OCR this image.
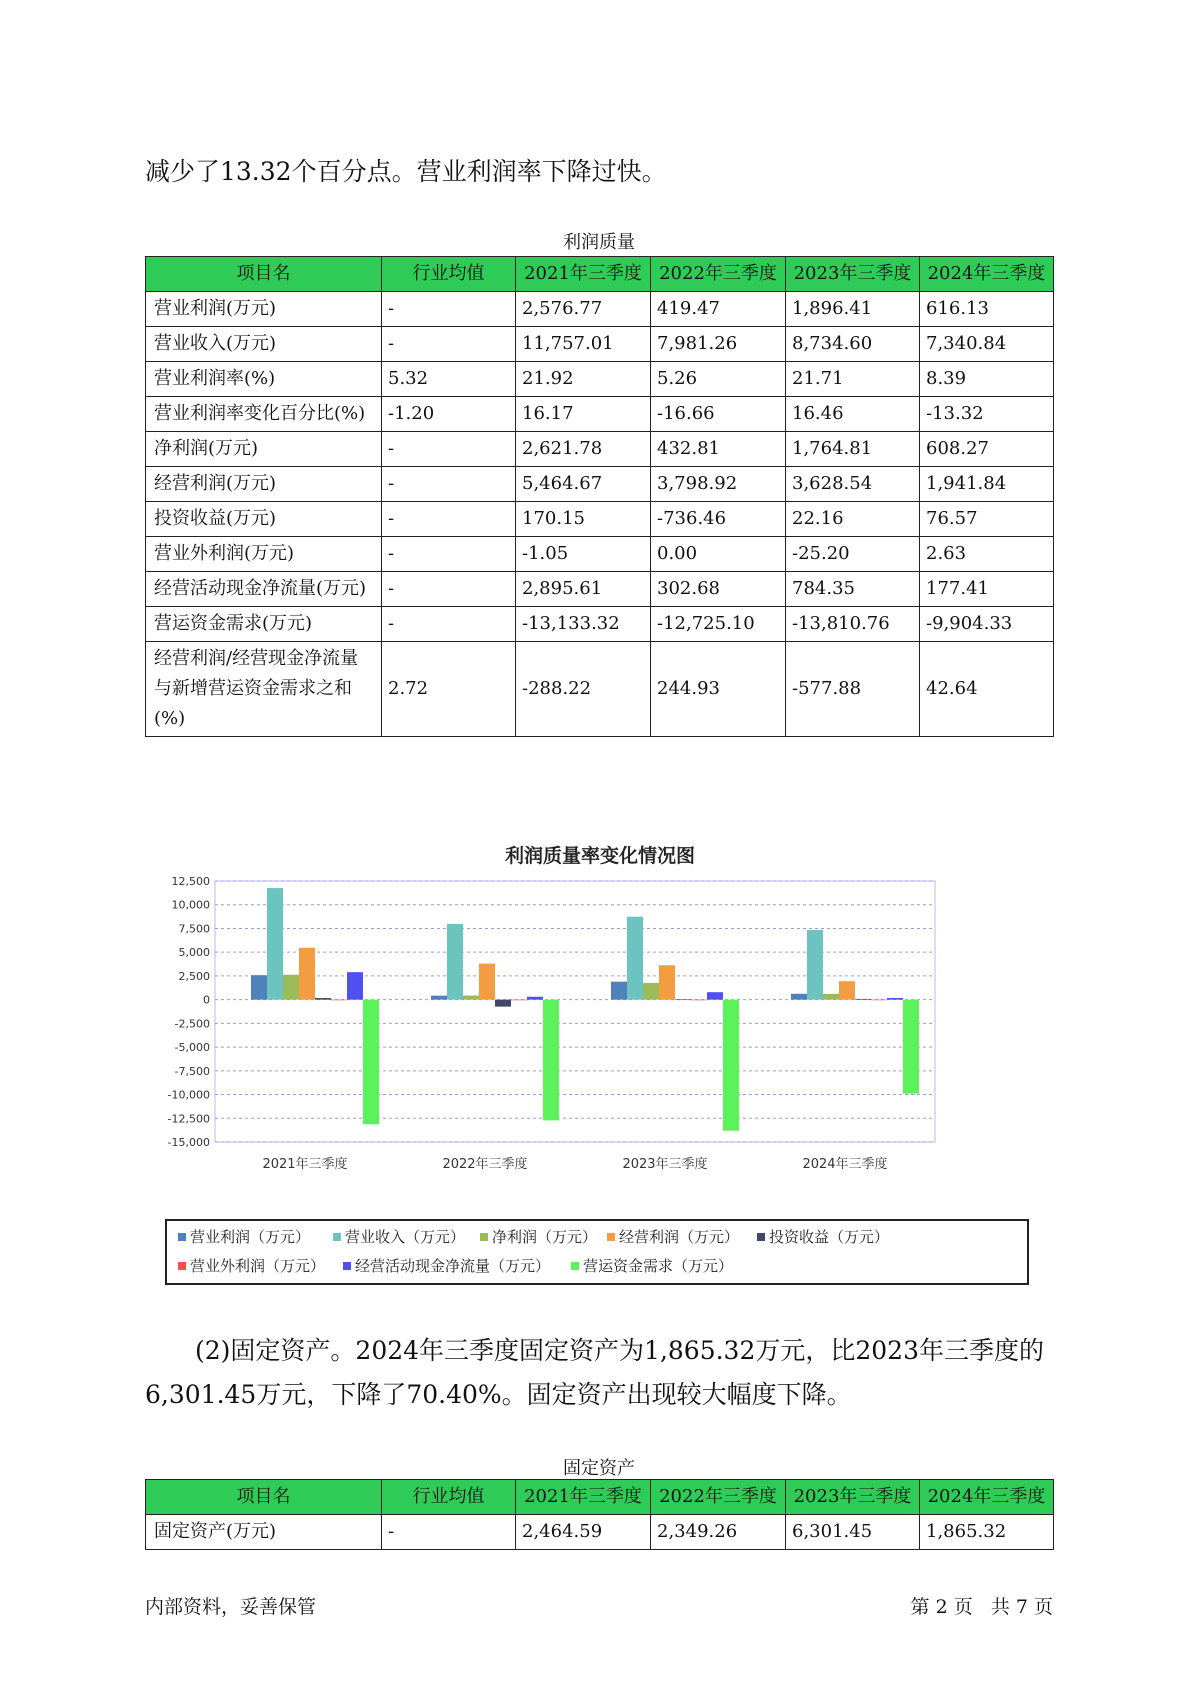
减少了13.32个百分点。营业利润率下降过快。

利润质量
项目名	行业均值	2021年三季度	2022年三季度	2023年三季度	2024年三季度
营业利润(万元)	-	2,576.77	419.47	1,896.41	616.13
营业收入(万元)	-	11,757.01	7,981.26	8,734.60	7,340.84
营业利润率(%)	5.32	21.92	5.26	21.71	8.39
营业利润率变化百分比(%)	-1.20	16.17	-16.66	16.46	-13.32
净利润(万元)	-	2,621.78	432.81	1,764.81	608.27
经营利润(万元)	-	5,464.67	3,798.92	3,628.54	1,941.84
投资收益(万元)	-	170.15	-736.46	22.16	76.57
营业外利润(万元)	-	-1.05	0.00	-25.20	2.63
经营活动现金净流量(万元)	-	2,895.61	302.68	784.35	177.41
营运资金需求(万元)	-	-13,133.32	-12,725.10	-13,810.76	-9,904.33
经营利润/经营现金净流量与新增营运资金需求之和(%)	2.72	-288.22	244.93	-577.88	42.64
利润质量率变化情况图
12,500
10,000
7,500
5,000
2,500
0
-2,500
-5,000
-7,500
-10,000
-12,500
-15,000
2021年三季度	2022年三季度	2023年三季度	2024年三季度
营业利润（万元） 营业收入（万元） 净利润（万元） 经营利润（万元） 投资收益（万元）
营业外利润（万元） 经营活动现金净流量（万元） 营运资金需求（万元）

(2)固定资产。2024年三季度固定资产为1,865.32万元，比2023年三季度的6,301.45万元，下降了70.40%。固定资产出现较大幅度下降。

固定资产
项目名	行业均值	2021年三季度	2022年三季度	2023年三季度	2024年三季度
固定资产(万元)	-	2,464.59	2,349.26	6,301.45	1,865.32
内部资料，妥善保管	第 2 页   共 7 页
